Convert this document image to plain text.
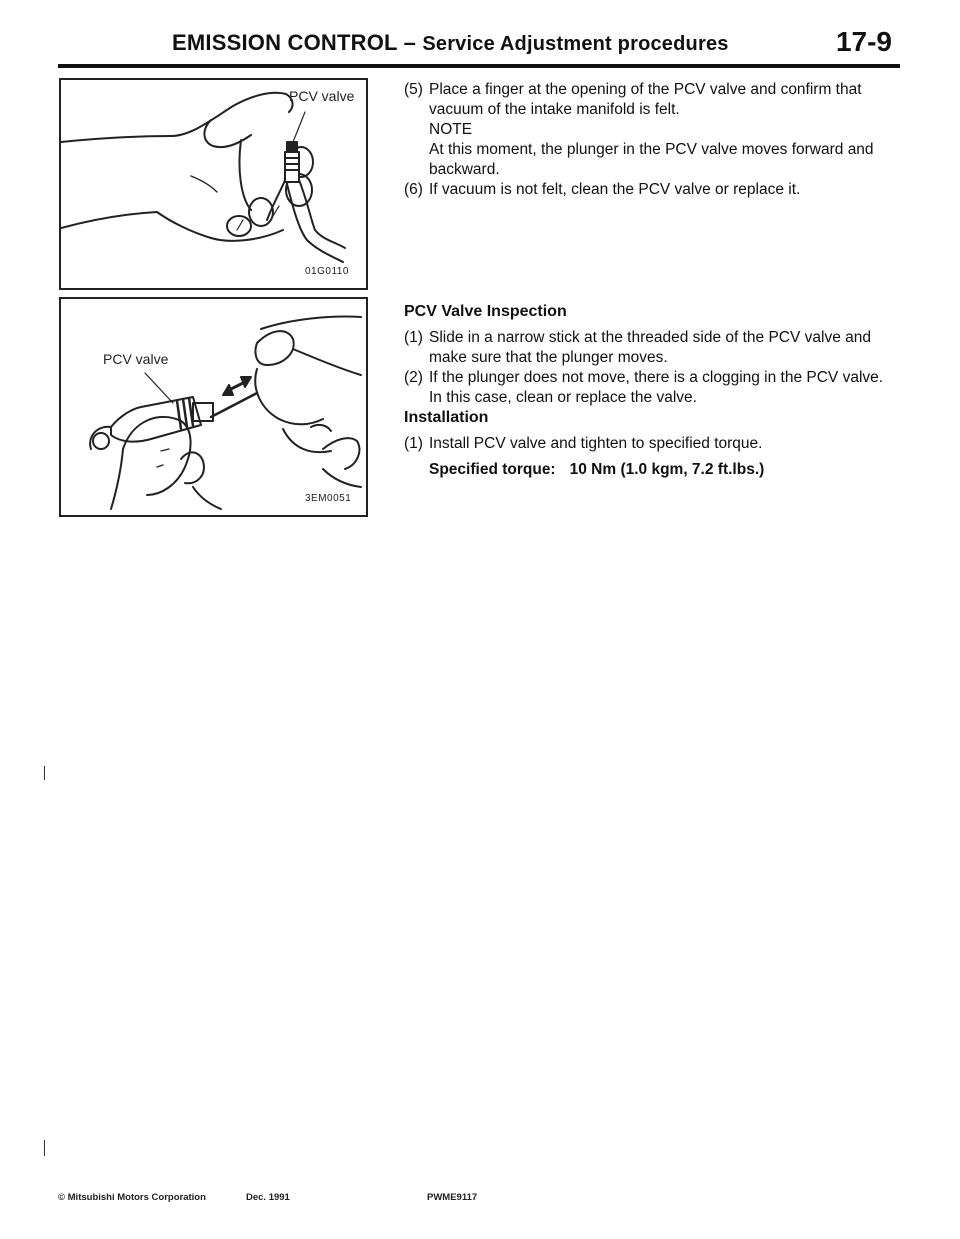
EMISSION CONTROL – Service Adjustment procedures	17-9
PCV valve
01G0110
PCV valve
3EM0051
(5) Place a finger at the opening of the PCV valve and confirm that vacuum of the intake manifold is felt.
NOTE
At this moment, the plunger in the PCV valve moves forward and backward.
(6) If vacuum is not felt, clean the PCV valve or replace it.
PCV Valve Inspection
(1) Slide in a narrow stick at the threaded side of the PCV valve and make sure that the plunger moves.
(2) If the plunger does not move, there is a clogging in the PCV valve. In this case, clean or replace the valve.
Installation
(1) Install PCV valve and tighten to specified torque.
Specified torque: 10 Nm (1.0 kgm, 7.2 ft.lbs.)
© Mitsubishi Motors Corporation	Dec. 1991	PWME9117
